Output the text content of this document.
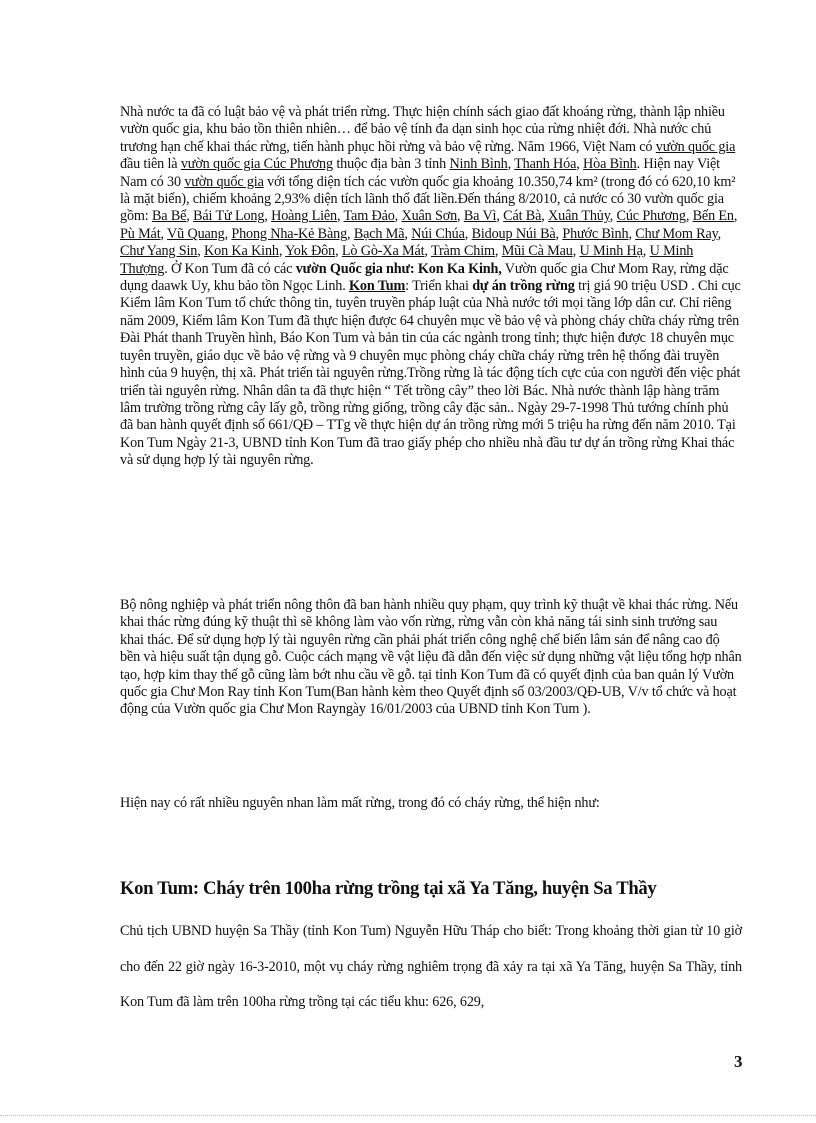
Nhà nước ta đã có luật bảo vệ và phát triển rừng. Thực hiện chính sách giao đất khoáng rừng, thành lập nhiều vườn quốc gia, khu bảo tồn thiên nhiên… để bảo vệ tính đa dạn sinh học của rừng nhiệt đới. Nhà nước chủ trương hạn chế khai thác rừng, tiến hành phục hồi rừng và bảo vệ rừng. Năm 1966, Việt Nam có vườn quốc gia đầu tiên là vườn quốc gia Cúc Phương thuộc địa bàn 3 tỉnh Ninh Bình, Thanh Hóa, Hòa Bình. Hiện nay Việt Nam có 30 vườn quốc gia với tổng diện tích các vườn quốc gia khoảng 10.350,74 km² (trong đó có 620,10 km² là mặt biển), chiếm khoảng 2,93% diện tích lãnh thổ đất liền.Đến tháng 8/2010, cả nước có 30 vườn quốc gia gồm: Ba Bể, Bái Tử Long, Hoàng Liên, Tam Đảo, Xuân Sơn, Ba Vì, Cát Bà, Xuân Thủy, Cúc Phương, Bến En, Pù Mát, Vũ Quang, Phong Nha-Kẻ Bàng, Bạch Mã, Núi Chúa, Bidoup Núi Bà, Phước Bình, Chư Mom Ray, Chư Yang Sin, Kon Ka Kinh, Yok Đôn, Lò Gò-Xa Mát, Tràm Chim, Mũi Cà Mau, U Minh Hạ, U Minh Thượng. Ở Kon Tum đã có các vườn Quốc gia như: Kon Ka Kinh, Vườn quốc gia Chư Mom Ray, rừng dặc dụng daawk Uy, khu bảo tồn Ngọc Linh. Kon Tum: Triển khai dự án trồng rừng trị giá 90 triệu USD . Chi cục Kiểm lâm Kon Tum tổ chức thông tin, tuyên truyền pháp luật của Nhà nước tới mọi tầng lớp dân cư. Chỉ riêng năm 2009, Kiểm lâm Kon Tum đã thực hiện được 64 chuyên mục về bảo vệ và phòng cháy chữa cháy rừng trên Đài Phát thanh Truyền hình, Báo Kon Tum và bản tin của các ngành trong tỉnh; thực hiện được 18 chuyên mục tuyên truyền, giáo dục về bảo vệ rừng và 9 chuyên mục phòng cháy chữa cháy rừng trên hệ thống đài truyền hình của 9 huyện, thị xã. Phát triển tài nguyên rừng.Trồng rừng là tác động tích cực của con người đến việc phát triển tài nguyên rừng. Nhân dân ta đã thực hiện “ Tết trồng cây” theo lời Bác. Nhà nước thành lập hàng trăm lâm trường trồng rừng cây lấy gỗ, trồng rừng giống, trồng cây đặc sản.. Ngày 29-7-1998 Thủ tướng chính phủ đã ban hành quyết định số 661/QĐ – TTg về thực hiện dự án trồng rừng mới 5 triệu ha rừng đến năm 2010. Tại Kon Tum Ngày 21-3, UBND tỉnh Kon Tum đã trao giấy phép cho nhiều nhà đầu tư dự án trồng rừng Khai thác và sử dụng hợp lý tài nguyên rừng.
Bộ nông nghiệp và phát triển nông thôn đã ban hành nhiều quy phạm, quy trình kỹ thuật về khai thác rừng. Nếu khai thác rừng đúng kỹ thuật thì sẽ không làm vào vốn rừng, rừng vẫn còn khả năng tái sinh sinh trưởng sau khai thác. Để sử dụng hợp lý tài nguyên rừng cần phải phát triển công nghệ chế biến lâm sản để nâng cao độ bền và hiệu suất tận dụng gỗ. Cuộc cách mạng về vật liệu đã dẫn đến việc sử dụng những vật liệu tổng hợp nhân tạo, hợp kim thay thế gỗ cũng làm bớt nhu cầu về gỗ. tại tỉnh Kon Tum đã có quyết định của ban quản lý Vườn quốc gia Chư Mon Ray tỉnh Kon Tum(Ban hành kèm theo Quyết định số 03/2003/QĐ-UB, V/v tổ chức và hoạt động của Vườn quốc gia Chư Mon Rayngày 16/01/2003 của UBND tỉnh Kon Tum ).
Hiện nay có rất nhiều nguyên nhan làm mất rừng, trong đó có cháy rừng, thể hiện như:
Kon Tum: Cháy trên 100ha rừng trồng tại xã Ya Tăng, huyện Sa Thầy
Chủ tịch UBND huyện Sa Thầy (tỉnh Kon Tum) Nguyễn Hữu Tháp cho biết: Trong khoảng thời gian từ 10 giờ cho đến 22 giờ ngày 16-3-2010, một vụ cháy rừng nghiêm trọng đã xảy ra tại xã Ya Tăng, huyện Sa Thầy, tỉnh Kon Tum đã làm trên 100ha rừng trồng tại các tiểu khu: 626, 629,
3
